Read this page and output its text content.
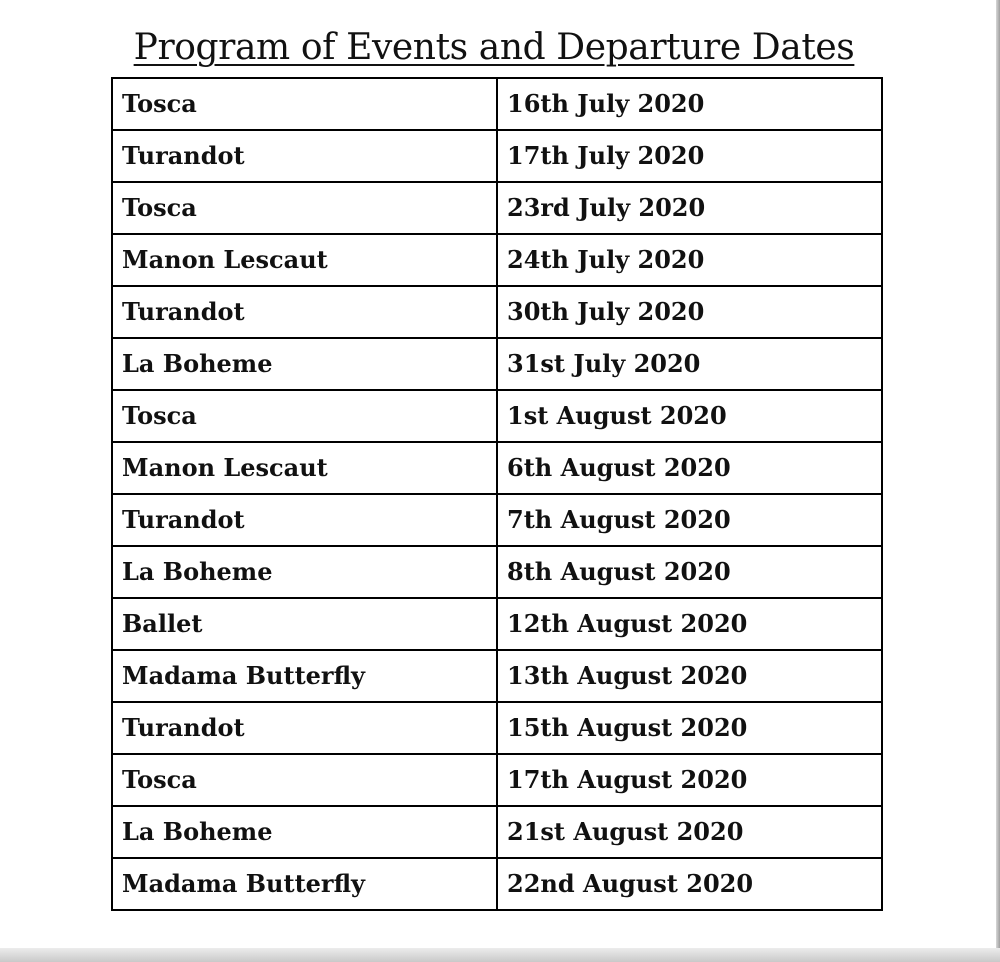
Program of Events and Departure Dates
Tosca	16th July 2020
Turandot	17th July 2020
Tosca	23rd July 2020
Manon Lescaut	24th July 2020
Turandot	30th July 2020
La Boheme	31st July 2020
Tosca	1st August 2020
Manon Lescaut	6th August 2020
Turandot	7th August 2020
La Boheme	8th August 2020
Ballet	12th August 2020
Madama Butterfly	13th August 2020
Turandot	15th August 2020
Tosca	17th August 2020
La Boheme	21st August 2020
Madama Butterfly	22nd August 2020
